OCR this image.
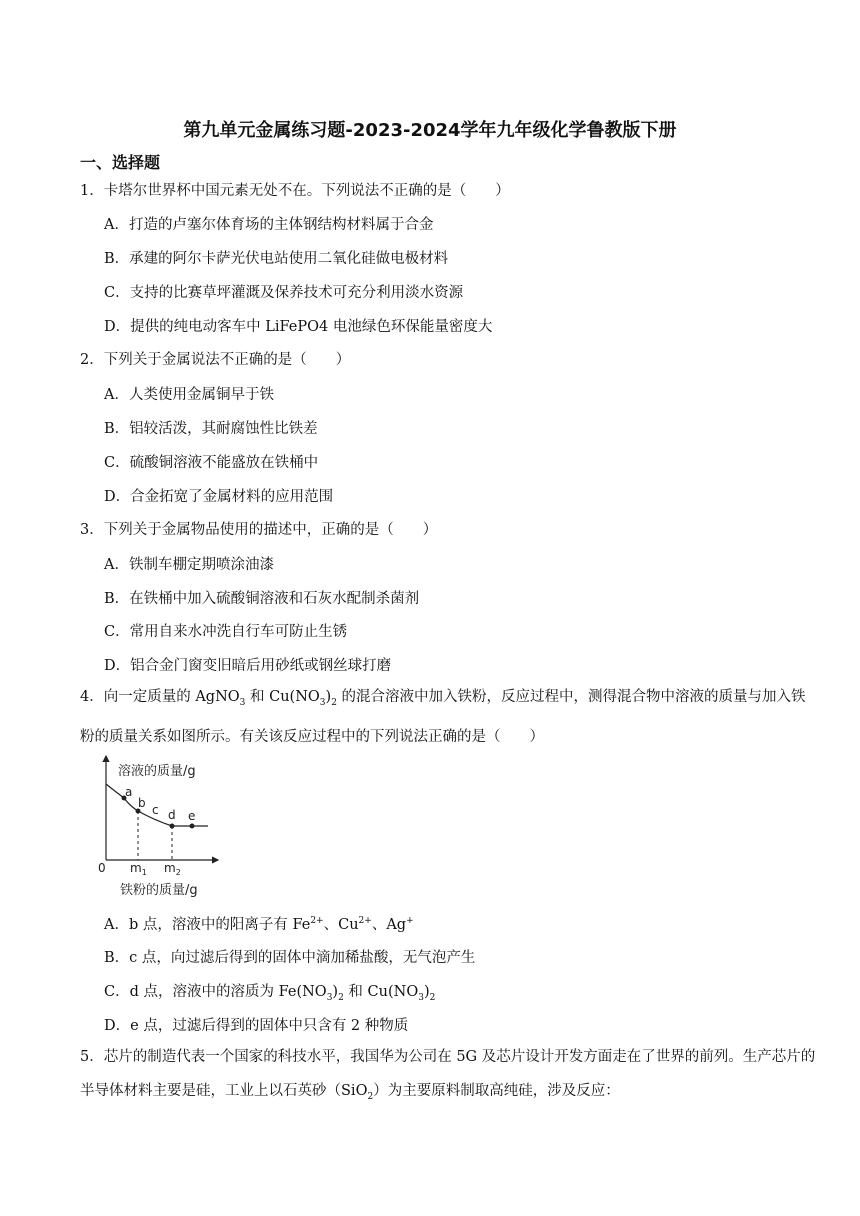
第九单元金属练习题-2023-2024学年九年级化学鲁教版下册
一、选择题
1．卡塔尔世界杯中国元素无处不在。下列说法不正确的是（　　）
A．打造的卢塞尔体育场的主体钢结构材料属于合金
B．承建的阿尔卡萨光伏电站使用二氧化硅做电极材料
C．支持的比赛草坪灌溉及保养技术可充分利用淡水资源
D．提供的纯电动客车中 LiFePO4 电池绿色环保能量密度大
2．下列关于金属说法不正确的是（　　）
A．人类使用金属铜早于铁
B．铝较活泼，其耐腐蚀性比铁差
C．硫酸铜溶液不能盛放在铁桶中
D．合金拓宽了金属材料的应用范围
3．下列关于金属物品使用的描述中，正确的是（　　）
A．铁制车棚定期喷涂油漆
B．在铁桶中加入硫酸铜溶液和石灰水配制杀菌剂
C．常用自来水冲洗自行车可防止生锈
D．铝合金门窗变旧暗后用砂纸或钢丝球打磨
4．向一定质量的 AgNO$_3$ 和 $Cu(NO_3)_2$ 的混合溶液中加入铁粉，反应过程中，测得混合物中溶液的质量与加入铁粉的质量关系如图所示。有关该反应过程中的下列说法正确的是（　　）
溶液的质量/g
a
b c d e
0 $m_1$ $m_2$
铁粉的质量/g
A．b 点，溶液中的阳离子有 $Fe^{2+}$、$Cu^{2+}$、Ag+
B．c 点，向过滤后得到的固体中滴加稀盐酸，无气泡产生
C．d 点，溶液中的溶质为 $Fe(NO_3)_2$ 和 $Cu(NO_3)_2$
D．e 点，过滤后得到的固体中只含有 2 种物质
5．芯片的制造代表一个国家的科技水平，我国华为公司在 5G 及芯片设计开发方面走在了世界的前列。生产芯片的半导体材料主要是硅，工业上以石英砂（SiO$_2$）为主要原料制取高纯硅，涉及反应：
